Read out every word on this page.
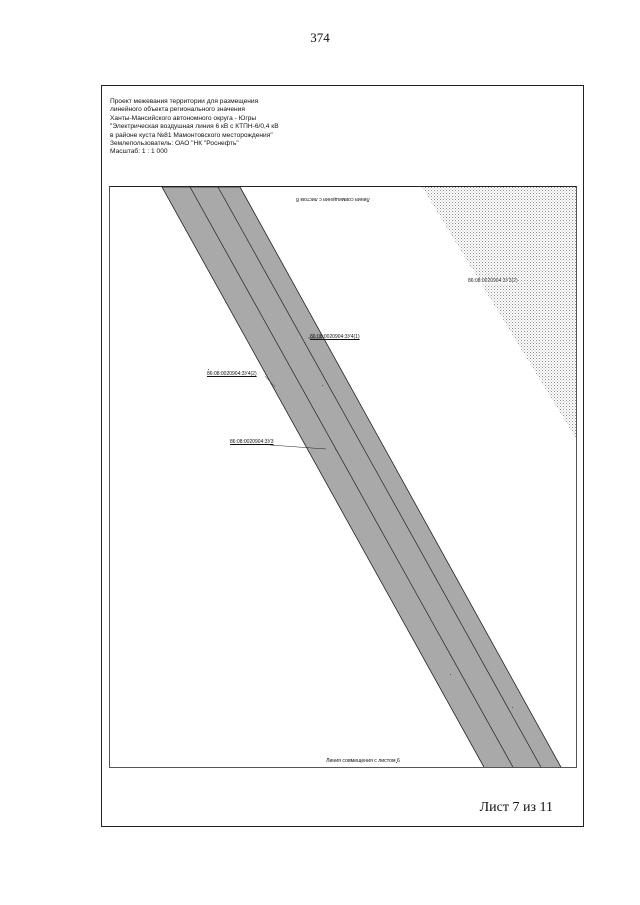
374
Проект межевания территории для размещения
линейного объекта регионального значения
Ханты-Мансийского автономного округа - Югры
"Электрическая воздушная линия 6 кВ с КТПН-6/0,4 кВ
в районе куста №81 Мамонтовского месторождения"
Землепользователь: ОАО "НК "Роснефть"
Масштаб: 1 : 1 000
Линия совмещения с листом 8
86:08:0020904:3У4(1)
86:08:0020904:3У4(2)
86:08:0020904:3У3
86:08:0020904:3У3(2)
Линия совмещения с листом 6
Лист 7 из 11
